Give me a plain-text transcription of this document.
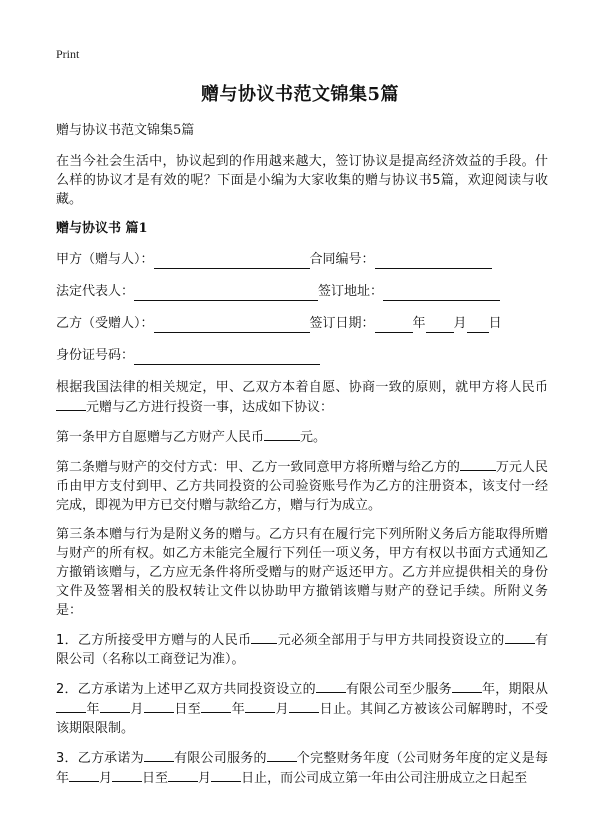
Print
赠与协议书范文锦集5篇
赠与协议书范文锦集5篇

在当今社会生活中，协议起到的作用越来越大，签订协议是提高经济效益的手段。什么样的协议才是有效的呢？下面是小编为大家收集的赠与协议书5篇，欢迎阅读与收藏。

赠与协议书 篇1
甲方（赠与人）：	合同编号：
法定代表人：	签订地址：
乙方（受赠人）：	签订日期：	年 月 日
身份证号码：

根据我国法律的相关规定，甲、乙双方本着自愿、协商一致的原则，就甲方将人民币元赠与乙方进行投资一事，达成如下协议：

第一条甲方自愿赠与乙方财产人民币	元。

第二条赠与财产的交付方式：甲、乙方一致同意甲方将所赠与给乙方的	万元人民币由甲方支付到甲、乙方共同投资的公司验资账号作为乙方的注册资本，该支付一经完成，即视为甲方已交付赠与款给乙方，赠与行为成立。

第三条本赠与行为是附义务的赠与。乙方只有在履行完下列所附义务后方能取得所赠与财产的所有权。如乙方未能完全履行下列任一项义务，甲方有权以书面方式通知乙方撤销该赠与，乙方应无条件将所受赠与的财产返还甲方。乙方并应提供相关的身份文件及签署相关的股权转让文件以协助甲方撤销该赠与财产的登记手续。所附义务是：

1．乙方所接受甲方赠与的人民币 元必须全部用于与甲方共同投资设立的 有限公司（名称以工商登记为准）。

2．乙方承诺为上述甲乙双方共同投资设立的 有限公司至少服务 年，期限从年 月 日至 年 月 日止。其间乙方被该公司解聘时，不受该期限限制。

3．乙方承诺为 有限公司服务的 个完整财务年度（公司财务年度的定义是每年 月 日至 月 日止，而公司成立第一年由公司注册成立之日起至
